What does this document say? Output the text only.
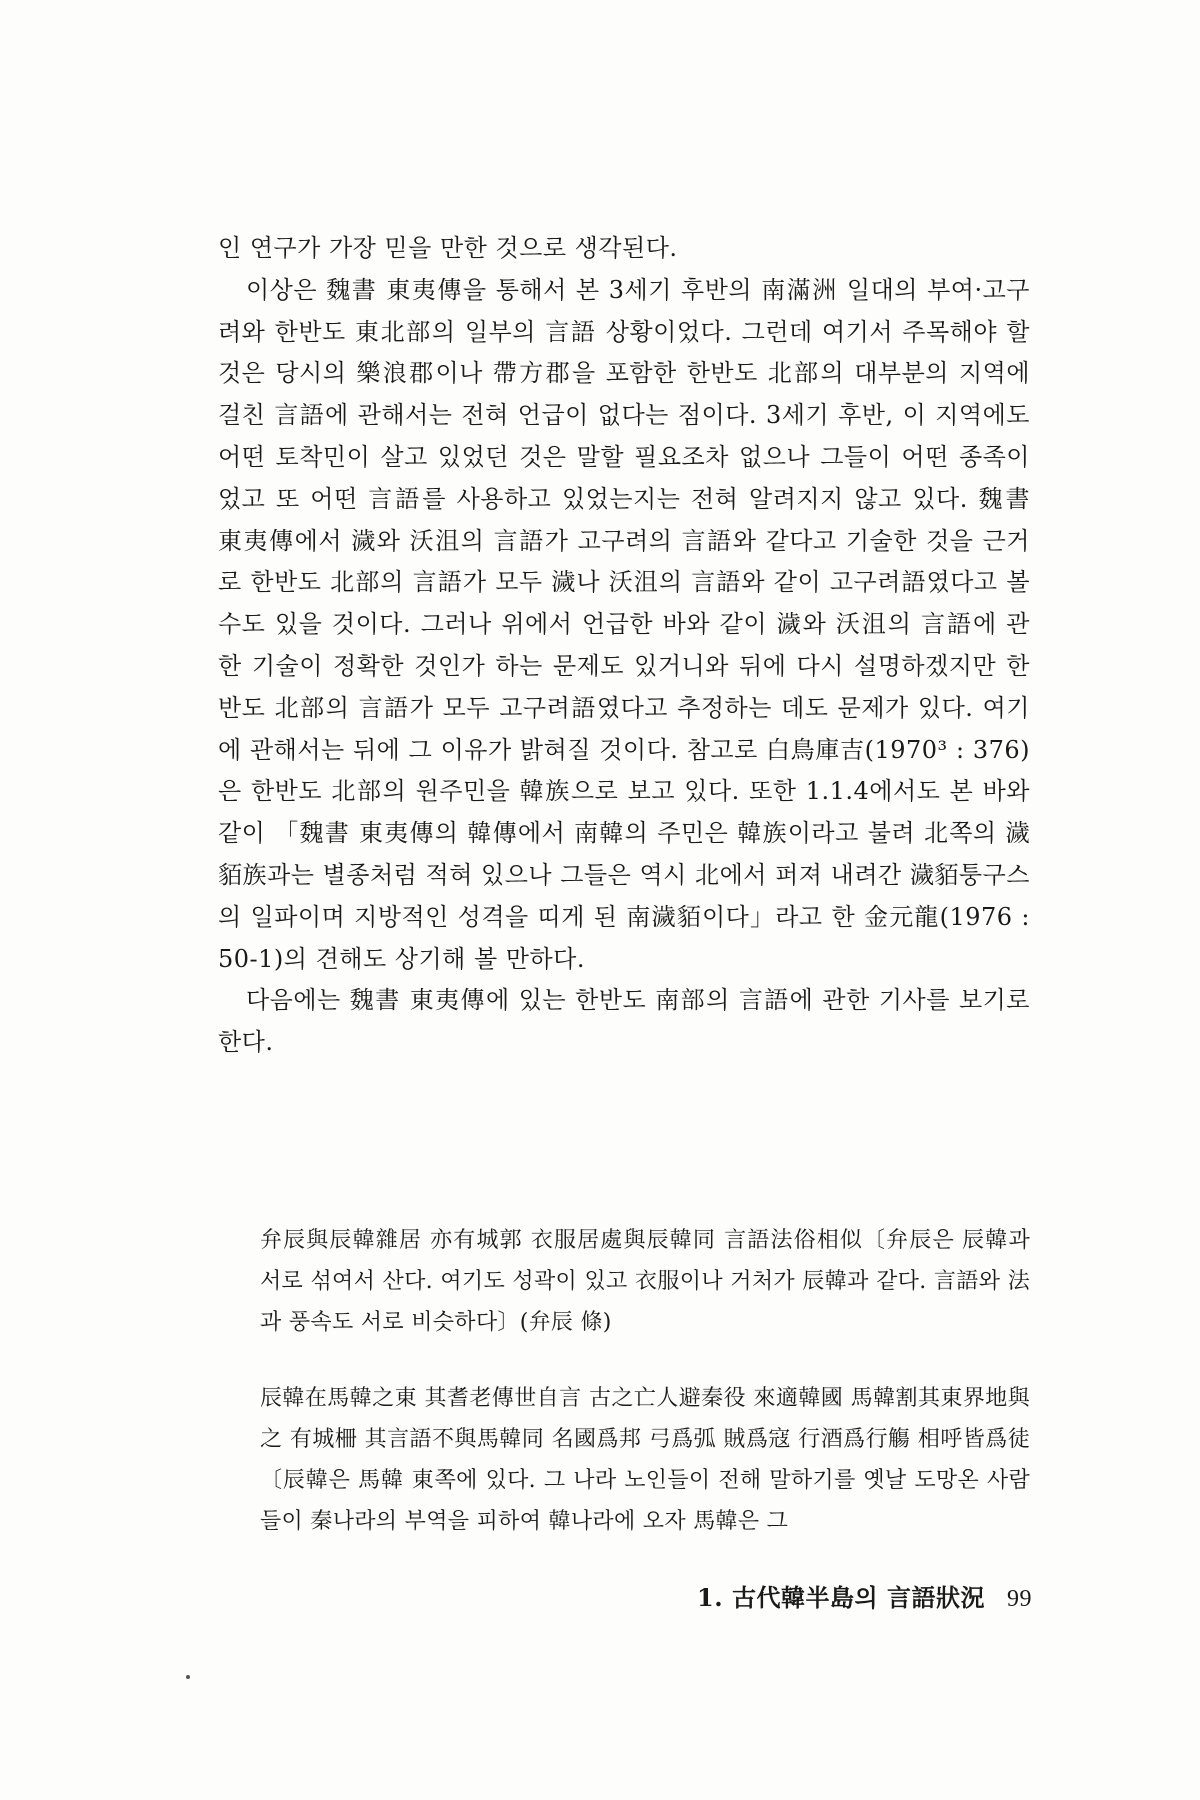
인 연구가 가장 믿을 만한 것으로 생각된다.

이상은 魏書 東夷傳을 통해서 본 3세기 후반의 南滿洲 일대의 부여·고구려와 한반도 東北部의 일부의 言語 상황이었다. 그런데 여기서 주목해야 할 것은 당시의 樂浪郡이나 帶方郡을 포함한 한반도 北部의 대부분의 지역에 걸친 言語에 관해서는 전혀 언급이 없다는 점이다. 3세기 후반, 이 지역에도 어떤 토착민이 살고 있었던 것은 말할 필요조차 없으나 그들이 어떤 종족이었고 또 어떤 言語를 사용하고 있었는지는 전혀 알려지지 않고 있다. 魏書 東夷傳에서 濊와 沃沮의 言語가 고구려의 言語와 같다고 기술한 것을 근거로 한반도 北部의 言語가 모두 濊나 沃沮의 言語와 같이 고구려語였다고 볼 수도 있을 것이다. 그러나 위에서 언급한 바와 같이 濊와 沃沮의 言語에 관한 기술이 정확한 것인가 하는 문제도 있거니와 뒤에 다시 설명하겠지만 한반도 北部의 言語가 모두 고구려語였다고 추정하는 데도 문제가 있다. 여기에 관해서는 뒤에 그 이유가 밝혀질 것이다. 참고로 白鳥庫吉(1970³ : 376)은 한반도 北部의 원주민을 韓族으로 보고 있다. 또한 1.1.4에서도 본 바와 같이 「魏書 東夷傳의 韓傳에서 南韓의 주민은 韓族이라고 불려 北쪽의 濊貊族과는 별종처럼 적혀 있으나 그들은 역시 北에서 퍼져 내려간 濊貊퉁구스의 일파이며 지방적인 성격을 띠게 된 南濊貊이다」라고 한 金元龍(1976 : 50-1)의 견해도 상기해 볼 만하다.

다음에는 魏書 東夷傳에 있는 한반도 南部의 言語에 관한 기사를 보기로 한다.

弁辰與辰韓雜居 亦有城郭 衣服居處與辰韓同 言語法俗相似〔弁辰은 辰韓과 서로 섞여서 산다. 여기도 성곽이 있고 衣服이나 거처가 辰韓과 같다. 言語와 法과 풍속도 서로 비슷하다〕(弁辰 條)

辰韓在馬韓之東 其耆老傳世自言 古之亡人避秦役 來適韓國 馬韓割其東界地與之 有城柵 其言語不與馬韓同 名國爲邦 弓爲弧 賊爲寇 行酒爲行觴 相呼皆爲徒〔辰韓은 馬韓 東쪽에 있다. 그 나라 노인들이 전해 말하기를 옛날 도망온 사람들이 秦나라의 부역을 피하여 韓나라에 오자 馬韓은 그

1. 古代韓半島의 言語狀況 99
